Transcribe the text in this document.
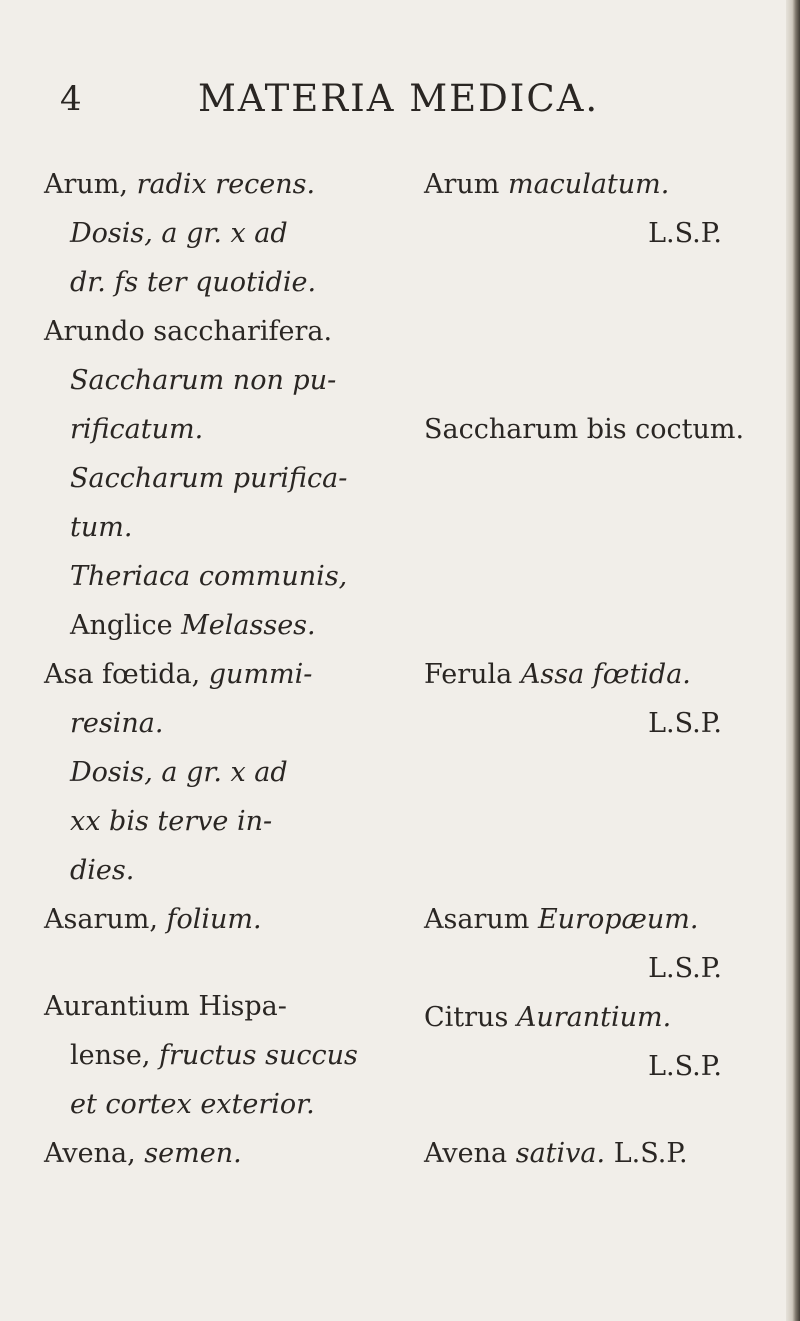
4	MATERIA MEDICA.
Arum, radix recens.
Dosis, a gr. x ad
dr. fs ter quotidie.
Arundo saccharifera.
Saccharum non pu-
rificatum.
Saccharum purifica-
tum.
Theriaca communis,
Anglice Melasses.
Asa fœtida, gummi-
resina.
Dosis, a gr. x ad
xx bis terve in-
dies.
Asarum, folium.
Aurantium Hispa-
lense, fructus succus
et cortex exterior.
Avena, semen.
Arum maculatum.
L.S.P.
Saccharum bis coctum.
Ferula Assa fœtida.
L.S.P.
Asarum Europæum.
L.S.P.
Citrus Aurantium.
L.S.P.
Avena sativa. L.S.P.
